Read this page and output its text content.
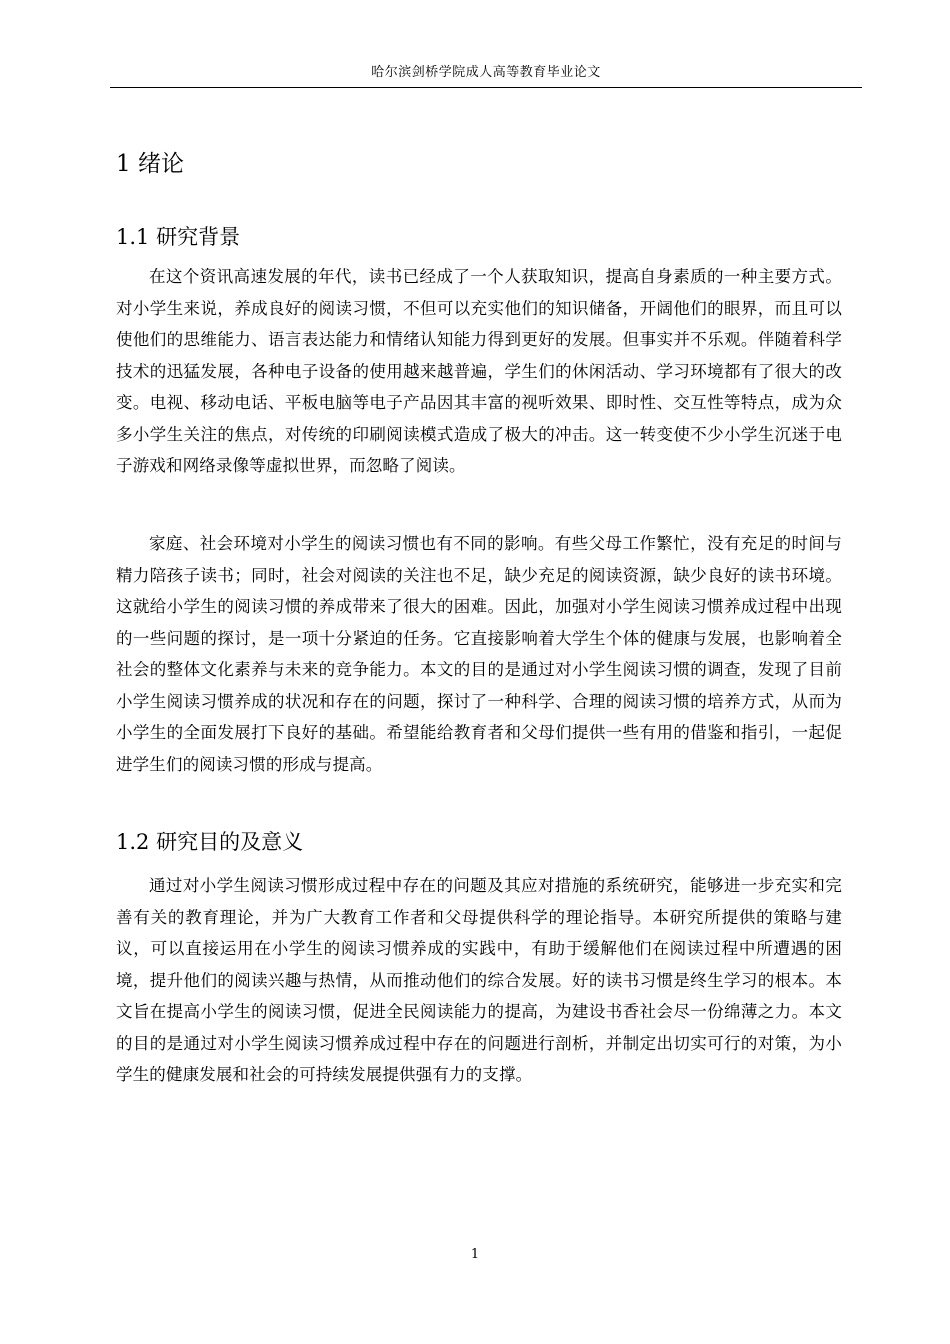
哈尔滨剑桥学院成人高等教育毕业论文
1 绪论
1.1 研究背景

在这个资讯高速发展的年代，读书已经成了一个人获取知识，提高自身素质的一种主要方式。对小学生来说，养成良好的阅读习惯，不但可以充实他们的知识储备，开阔他们的眼界，而且可以使他们的思维能力、语言表达能力和情绪认知能力得到更好的发展。但事实并不乐观。伴随着科学技术的迅猛发展，各种电子设备的使用越来越普遍，学生们的休闲活动、学习环境都有了很大的改变。电视、移动电话、平板电脑等电子产品因其丰富的视听效果、即时性、交互性等特点，成为众多小学生关注的焦点，对传统的印刷阅读模式造成了极大的冲击。这一转变使不少小学生沉迷于电子游戏和网络录像等虚拟世界，而忽略了阅读。

家庭、社会环境对小学生的阅读习惯也有不同的影响。有些父母工作繁忙，没有充足的时间与精力陪孩子读书；同时，社会对阅读的关注也不足，缺少充足的阅读资源，缺少良好的读书环境。这就给小学生的阅读习惯的养成带来了很大的困难。因此，加强对小学生阅读习惯养成过程中出现的一些问题的探讨，是一项十分紧迫的任务。它直接影响着大学生个体的健康与发展，也影响着全社会的整体文化素养与未来的竞争能力。本文的目的是通过对小学生阅读习惯的调查，发现了目前小学生阅读习惯养成的状况和存在的问题，探讨了一种科学、合理的阅读习惯的培养方式，从而为小学生的全面发展打下良好的基础。希望能给教育者和父母们提供一些有用的借鉴和指引，一起促进学生们的阅读习惯的形成与提高。

1.2 研究目的及意义

通过对小学生阅读习惯形成过程中存在的问题及其应对措施的系统研究，能够进一步充实和完善有关的教育理论，并为广大教育工作者和父母提供科学的理论指导。本研究所提供的策略与建议，可以直接运用在小学生的阅读习惯养成的实践中，有助于缓解他们在阅读过程中所遭遇的困境，提升他们的阅读兴趣与热情，从而推动他们的综合发展。好的读书习惯是终生学习的根本。本文旨在提高小学生的阅读习惯，促进全民阅读能力的提高，为建设书香社会尽一份绵薄之力。本文的目的是通过对小学生阅读习惯养成过程中存在的问题进行剖析，并制定出切实可行的对策，为小学生的健康发展和社会的可持续发展提供强有力的支撑。

1
